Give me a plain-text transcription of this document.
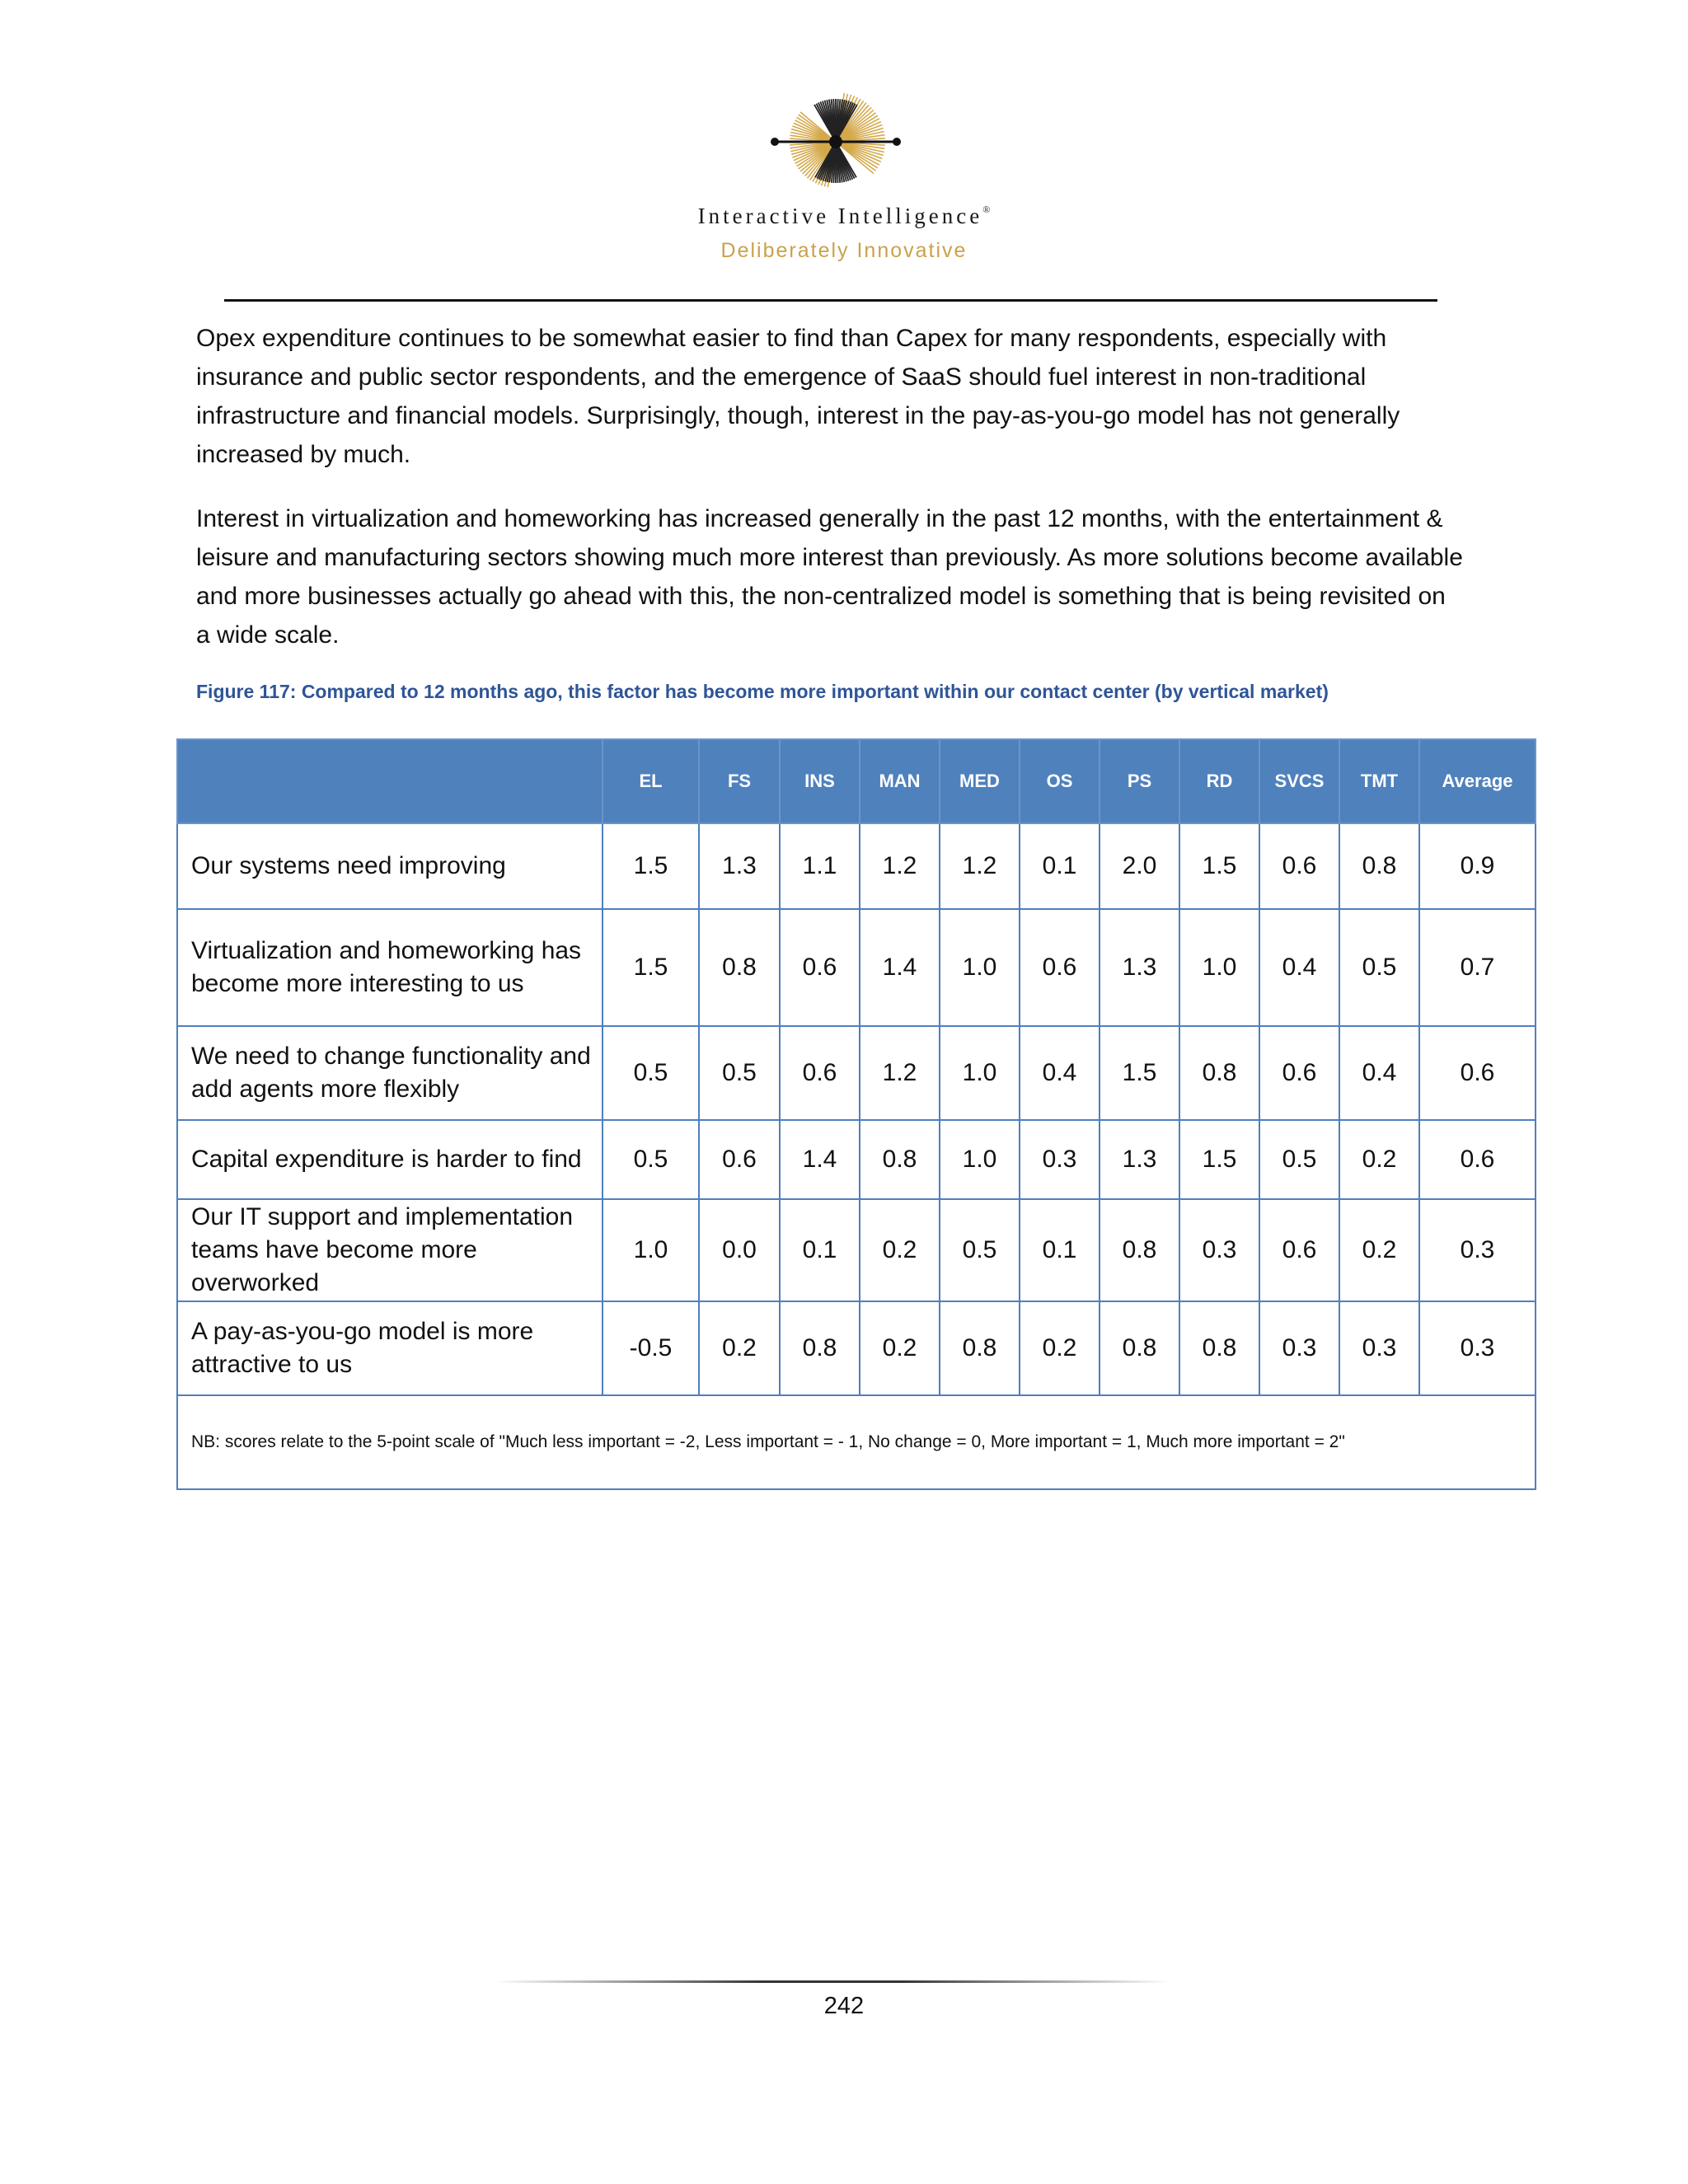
Interactive Intelligence®
Deliberately Innovative

Opex expenditure continues to be somewhat easier to find than Capex for many respondents, especially with insurance and public sector respondents, and the emergence of SaaS should fuel interest in non-traditional infrastructure and financial models. Surprisingly, though, interest in the pay-as-you-go model has not generally increased by much.

Interest in virtualization and homeworking has increased generally in the past 12 months, with the entertainment & leisure and manufacturing sectors showing much more interest than previously. As more solutions become available and more businesses actually go ahead with this, the non-centralized model is something that is being revisited on a wide scale.

Figure 117: Compared to 12 months ago, this factor has become more important within our contact center (by vertical market)

	EL	FS	INS	MAN	MED	OS	PS	RD	SVCS	TMT	Average
Our systems need improving	1.5	1.3	1.1	1.2	1.2	0.1	2.0	1.5	0.6	0.8	0.9
Virtualization and homeworking has become more interesting to us	1.5	0.8	0.6	1.4	1.0	0.6	1.3	1.0	0.4	0.5	0.7
We need to change functionality and add agents more flexibly	0.5	0.5	0.6	1.2	1.0	0.4	1.5	0.8	0.6	0.4	0.6
Capital expenditure is harder to find	0.5	0.6	1.4	0.8	1.0	0.3	1.3	1.5	0.5	0.2	0.6
Our IT support and implementation teams have become more overworked	1.0	0.0	0.1	0.2	0.5	0.1	0.8	0.3	0.6	0.2	0.3
A pay-as-you-go model is more attractive to us	-0.5	0.2	0.8	0.2	0.8	0.2	0.8	0.8	0.3	0.3	0.3
NB: scores relate to the 5-point scale of "Much less important = -2, Less important = - 1, No change = 0, More important = 1, Much more important = 2"											
242
